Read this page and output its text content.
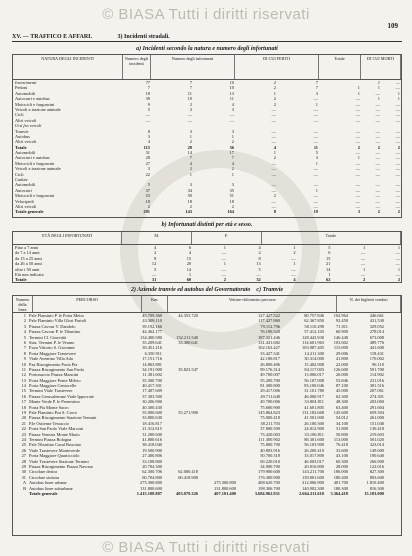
© BIASA Tutti i diritti riservati
109
XV. — TRAFFICO E AFFARI.	3) Incidenti stradali.
a) Incidenti secondo la natura e numero degli infortunati
NATURA DEGLI INCIDENTI	Numero degli incidenti
Numero degli infortunati	DI CUI FERITI	Totale	DI CUI MORTI
Investimenti	77	7	10	2	7	1	—
Pedoni	7	7	10	2	7	1	1	—
Automobili	18	11	13	1	3	1	—	1
Autocarri e autobus	39	10	11	2	—	—	1	1
Motocicli e furgoncini	9	2	4	2	1	—	—	—
Veicoli a trazione animale	5	3	3	—	—	—	—	—
Cicli	—	—	—	—	—	—	—	—
Altri veicoli	—	—	—	—	—	—	—	—
Urti fra veicoli
Tranvie	8	3	3	—	—	—	—	—
Autobus	3	1	1	—	—	—	—	—
Altri veicoli	4	2	2	—	—	—	—	—
Totale	115	28	36	4	11	2	2	2
Automobili	31	14	17	1	5	—	—	—
Autocarri e autobus	28	7	7	2	3	1	—	—
Motocicli e furgoncini	27	4	4	—	1	—	—	—
Veicoli a trazione animale	3	2	2	—	—	—	—	—
Cicli	22	1	1	—	—	—	—	—
Cadute
Automobili	5	3	3	—	—	—	—	—
Autocarri	37	34	35	—	1	—	—	—
Motocicli e furgoncini	53	50	51	2	—	—	—	—
Velocipedi	18	18	18	—	—	—	—	—
Altri veicoli	2	2	2	—	—	—	—	—
Totale generale	291	143	164	8	19	3	2	2
b) Infortunati distinti per età e sesso.
ETÀ DEGLI INFORTUNATI	M.	F.	Totale
Fino a 7 anni	4	6	1	4	1	5	1	1
da 7 a 14 anni	2	4	—	2	2	6	—	—
da 15 a 25 anni	8	15	—	8	—	15	—	—
da 26 a 50 anni	12	20	1	13	1	21	—	—
oltre i 50 anni	5	14	—	5	—	14	1	1
Età non indicata	—	1	—	—	—	1	—	—
Totale	31	60	2	32	4	62	2	2
2) Aziende tranvie ed autobus del Governatorato c) Tramvie
Numero della linea
PERCORSO	Km.	Vetture-chilometro percorse	N. dei biglietti venduti
1 Pzle Flaminio P. le Porta Metro	45.709.360	44.353.720	127.427.522	80.757.846	102.964	446.661
2 Pzle Flaminio Villa Glori Parioli	43.309.110	117.427.860	62.367.850	92.450	431.530
3 Piazza Cavour V. Dandolo	39.192.166	79.112.796	58.110.298	71.011	329.052
4 Piazza Cavour P. le Tiburtino	44.462.177	76.190.520	57.412.103	60.900	278.014
5 Termini Cl. Cinecittà	134.400.580	132.211.540	187.321.446	128.443.930	146.440	673.008
6 Staz. Termini P. le Verano	35.209.641	33.300.641	131.431.682	114.601.963	103.602	489.776
7 P.zza Vittorio S. Giovanni	39.451.216	102.163.427	103.987.405	115.000	441.600
8 Porta Maggiore Trastevere	6.350.911	33.427.341	14.211.300	29.006	118.431
9 Viale Aventino Villa Ada	17.151.716	42.106.817	30.314.000	41.800	170.002
10 Pza Risorgimento Porta Pia	14.863.881	26.800.406	15.402.908	22.000	96.110
11 Piazza Risorgimento San Paolo	34.191.900	35.823.547	99.176.314	84.117.003	126.600	591.700
12 Portonaccio Piazza Mancini	11.381.602	49.700.007	13.006.017	26.000	114.902
13 Porta Maggiore Ponte Milvio	35.300.700	55.200.700	56.107.008	53.846	231.016
14 Porta Maggiore Centocelle	40.417.301	81.300.800	83.100.046	87.100	381.516
15 Termini Viale Trastevere	17.407.609	29.417.006	31.101.780	45.000	207.061
16 Piazza Gerusalemme Viale Ippocrate	37.303.500	49.711.640	46.000.917	62.300	274.301
17 Monte Verde P. le Prenestino	30.206.900	49.700.006	33.804.811	48.300	203.060
18 Porta Pia Monte Sacro	40.300.430	75.600.900	41.601.805	63.400	291.604
19 Pzle Flaminio Pza S. Croce	55.000.600	55.271.900	145.864.823	131.182.668	145.600	659.304
20 Piazza Risorgimento Stazione Termini	33.800.630	75.000.418	41.501.000	54.012	261.000
21 P.le Ostiense Testaccio	18.416.817	38.211.703	26.100.300	34.100	151.040
22 Porta San Paolo Viale Marconi	21.312.615	37.800.500	24.012.900	31.800	130.418
23 Piazza Venezia Monte Mario	31.200.600	73.420.003	33.106.811	50.800	219.603
24 Termini Piazza Bologna	41.800.616	111.300.902	88.301.600	113.000	501.020
25 Pzle Tiburtino Casal Bruciato	38.418.040	75.800.700	56.103.900	76.418	323.014
26 Viale Trastevere Monteverde	19.500.900	40.803.916	26.200.410	33.600	149.000
27 Porta Maggiore Quarticciolo	27.400.806	50.700.318	33.017.800	43.100	190.640
28 Viale Trastevere Stazione Termini	33.108.800	69.220.010	46.003.017	60.300	266.900
29 Piazza Risorgimento Piazza Navona	20.704.300	34.900.700	20.016.800	28.000	122.016
30 Circolare destra	62.300.706	62.000.418	179.900.600	143.211.700	186.000	827.300
31 Circolare sinistra	60.704.800	60.418.900	176.300.900	139.001.600	180.400	803.600
A Autobus linee urbane	275.300.800	275.300.800	408.620.700	312.006.900	401.700	1.810.400
B Autobus linee suburbane	131.800.600	131.800.600	198.306.700	140.902.300	180.300	816.300
Totale generale	1.415.108.807	403.079.326	407.101.400	3.684.962.931	2.664.211.610	3.364.418	15.103.000
© BIASA Tutti i diritti riservati
